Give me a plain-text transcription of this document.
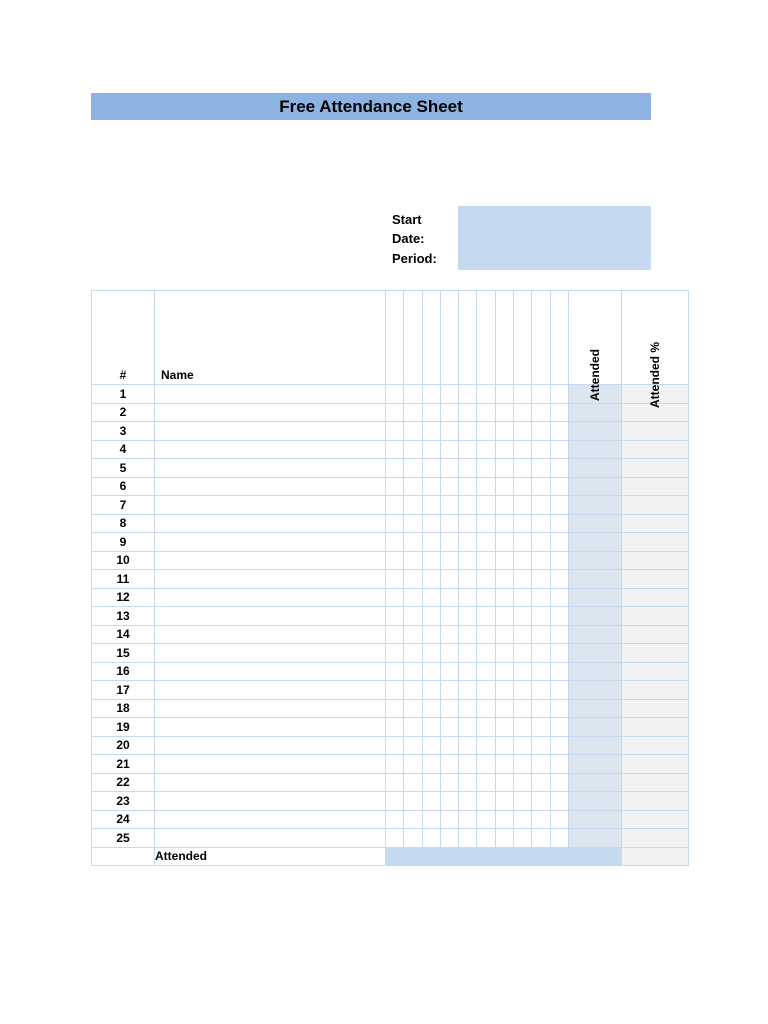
Free Attendance Sheet
Start Date:
Period:
#	Name											Attended	Attended %
1													
2													
3													
4													
5													
6													
7													
8													
9													
10													
11													
12													
13													
14													
15													
16													
17													
18													
19													
20													
21													
22													
23													
24													
25													
	Attended												
